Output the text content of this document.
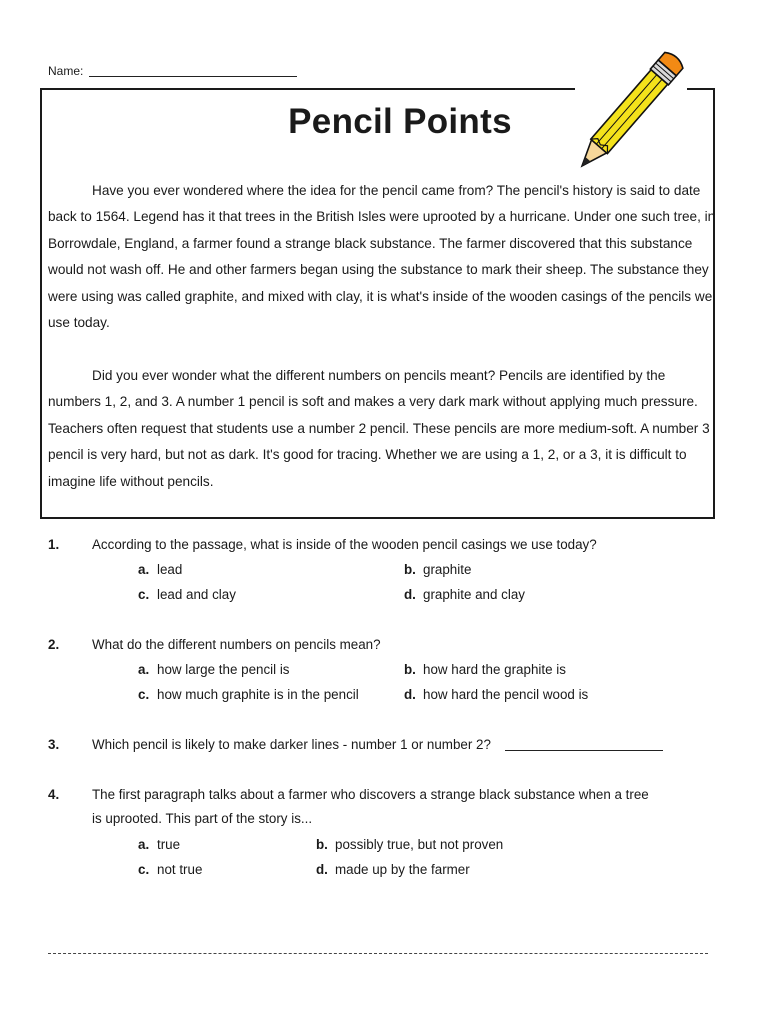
Name:
Pencil Points

Have you ever wondered where the idea for the pencil came from? The pencil's history is said to date back to 1564. Legend has it that trees in the British Isles were uprooted by a hurricane. Under one such tree, in Borrowdale, England, a farmer found a strange black substance. The farmer discovered that this substance would not wash off. He and other farmers began using the substance to mark their sheep. The substance they were using was called graphite, and mixed with clay, it is what's inside of the wooden casings of the pencils we use today.

Did you ever wonder what the different numbers on pencils meant? Pencils are identified by the numbers 1, 2, and 3. A number 1 pencil is soft and makes a very dark mark without applying much pressure. Teachers often request that students use a number 2 pencil. These pencils are more medium-soft. A number 3 pencil is very hard, but not as dark. It's good for tracing. Whether we are using a 1, 2, or a 3, it is difficult to imagine life without pencils.

1. According to the passage, what is inside of the wooden pencil casings we use today?
a. lead	b. graphite
c. lead and clay	d. graphite and clay
2. What do the different numbers on pencils mean?
a. how large the pencil is	b. how hard the graphite is
c. how much graphite is in the pencil	d. how hard the pencil wood is
3. Which pencil is likely to make darker lines - number 1 or number 2?
4. The first paragraph talks about a farmer who discovers a strange black substance when a tree
is uprooted. This part of the story is...
a. true	b. possibly true, but not proven
c. not true	d. made up by the farmer
